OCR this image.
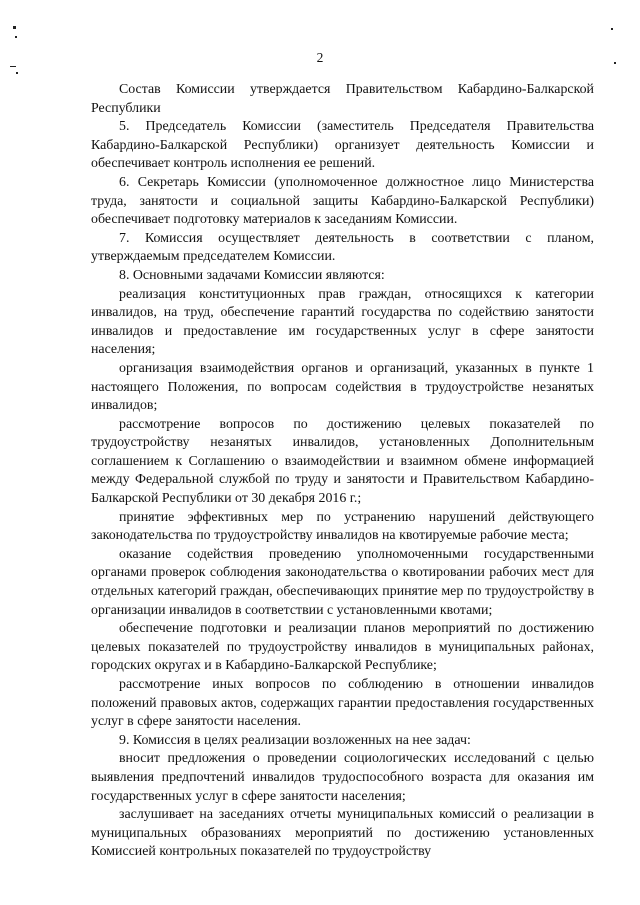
2

Состав Комиссии утверждается Правительством Кабардино-Балкарской Республики

5. Председатель Комиссии (заместитель Председателя Правительства Кабардино-Балкарской Республики) организует деятельность Комиссии и обеспечивает контроль исполнения ее решений.

6. Секретарь Комиссии (уполномоченное должностное лицо Министерства труда, занятости и социальной защиты Кабардино-Балкарской Республики) обеспечивает подготовку материалов к заседаниям Комиссии.

7. Комиссия осуществляет деятельность в соответствии с планом, утверждаемым председателем Комиссии.

8. Основными задачами Комиссии являются:

реализация конституционных прав граждан, относящихся к категории инвалидов, на труд, обеспечение гарантий государства по содействию занятости инвалидов и предоставление им государственных услуг в сфере занятости населения;

организация взаимодействия органов и организаций, указанных в пункте 1 настоящего Положения, по вопросам содействия в трудоустройстве незанятых инвалидов;

рассмотрение вопросов по достижению целевых показателей по трудоустройству незанятых инвалидов, установленных Дополнительным соглашением к Соглашению о взаимодействии и взаимном обмене информацией между Федеральной службой по труду и занятости и Правительством Кабардино-Балкарской Республики от 30 декабря 2016 г.;

принятие эффективных мер по устранению нарушений действующего законодательства по трудоустройству инвалидов на квотируемые рабочие места;

оказание содействия проведению уполномоченными государственными органами проверок соблюдения законодательства о квотировании рабочих мест для отдельных категорий граждан, обеспечивающих принятие мер по трудоустройству в организации инвалидов в соответствии с установленными квотами;

обеспечение подготовки и реализации планов мероприятий по достижению целевых показателей по трудоустройству инвалидов в муниципальных районах, городских округах и в Кабардино-Балкарской Республике;

рассмотрение иных вопросов по соблюдению в отношении инвалидов положений правовых актов, содержащих гарантии предоставления государственных услуг в сфере занятости населения.

9. Комиссия в целях реализации возложенных на нее задач:

вносит предложения о проведении социологических исследований с целью выявления предпочтений инвалидов трудоспособного возраста для оказания им государственных услуг в сфере занятости населения;

заслушивает на заседаниях отчеты муниципальных комиссий о реализации в муниципальных образованиях мероприятий по достижению установленных Комиссией контрольных показателей по трудоустройству
